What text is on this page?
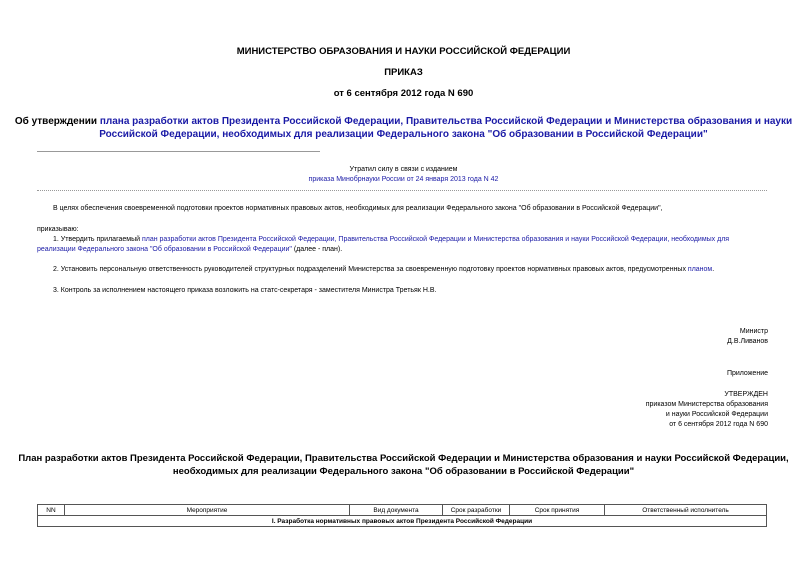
МИНИСТЕРСТВО ОБРАЗОВАНИЯ И НАУКИ РОССИЙСКОЙ ФЕДЕРАЦИИ
ПРИКАЗ
от 6 сентября 2012 года N 690
Об утверждении плана разработки актов Президента Российской Федерации, Правительства Российской Федерации и Министерства образования и науки
Российской Федерации, необходимых для реализации Федерального закона "Об образовании в Российской Федерации"
Утратил силу в связи с изданием
приказа Минобрнауки России от 24 января 2013 года N 42
В целях обеспечения своевременной подготовки проектов нормативных правовых актов, необходимых для реализации Федерального закона "Об образовании в Российской Федерации",
приказываю:
1. Утвердить прилагаемый план разработки актов Президента Российской Федерации, Правительства Российской Федерации и Министерства образования и науки Российской Федерации, необходимых для
реализации Федерального закона "Об образовании в Российской Федерации" (далее - план).
2. Установить персональную ответственность руководителей структурных подразделений Министерства за своевременную подготовку проектов нормативных правовых актов, предусмотренных планом.
3. Контроль за исполнением настоящего приказа возложить на статс-секретаря - заместителя Министра Третьяк Н.В.
Министр
Д.В.Ливанов
Приложение
УТВЕРЖДЕН
приказом Министерства образования
и науки Российской Федерации
от 6 сентября 2012 года N 690
План разработки актов Президента Российской Федерации, Правительства Российской Федерации и Министерства образования и науки Российской Федерации,
необходимых для реализации Федерального закона "Об образовании в Российской Федерации"
NN	Мероприятие	Вид документа	Срок разработки	Срок принятия	Ответственный исполнитель
I. Разработка нормативных правовых актов Президента Российской Федерации
